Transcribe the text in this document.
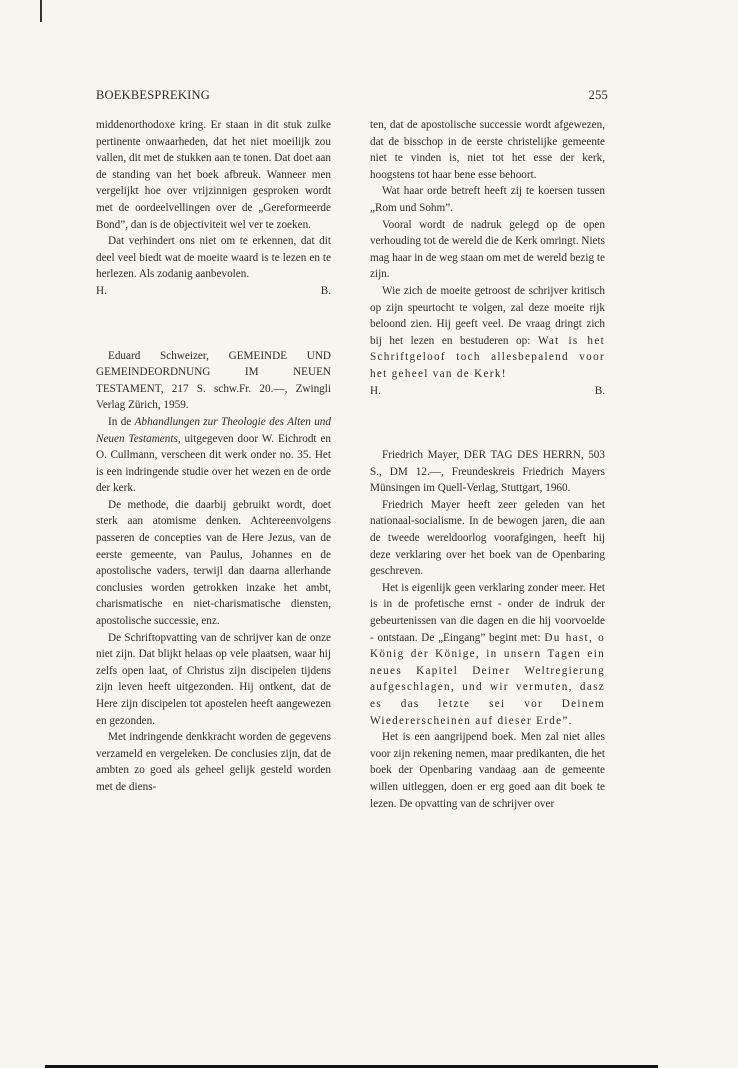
BOEKBESPREKING	255

middenorthodoxe kring. Er staan in dit stuk zulke pertinente onwaarheden, dat het niet moeilijk zou vallen, dit met de stukken aan te tonen. Dat doet aan de standing van het boek afbreuk. Wanneer men vergelijkt hoe over vrijzinnigen gesproken wordt met de oordeelvellingen over de „Gereformeerde Bond”, dan is de objectiviteit wel ver te zoeken.

Dat verhindert ons niet om te erkennen, dat dit deel veel biedt wat de moeite waard is te lezen en te herlezen. Als zodanig aanbevolen.

H.	B.

Eduard Schweizer, GEMEINDE UND GEMEINDEORDNUNG IM NEUEN TESTAMENT, 217 S. schw.Fr. 20.—, Zwingli Verlag Zürich, 1959.

In de Abhandlungen zur Theologie des Alten und Neuen Testaments, uitgegeven door W. Eichrodt en O. Cullmann, verscheen dit werk onder no. 35. Het is een indringende studie over het wezen en de orde der kerk.

De methode, die daarbij gebruikt wordt, doet sterk aan atomisme denken. Achtereenvolgens passeren de concepties van de Here Jezus, van de eerste gemeente, van Paulus, Johannes en de apostolische vaders, terwijl dan daarna allerhande conclusies worden getrokken inzake het ambt, charismatische en niet-charismatische diensten, apostolische successie, enz.

De Schriftopvatting van de schrijver kan de onze niet zijn. Dat blijkt helaas op vele plaatsen, waar hij zelfs open laat, of Christus zijn discipelen tijdens zijn leven heeft uitgezonden. Hij ontkent, dat de Here zijn discipelen tot apostelen heeft aangewezen en gezonden.

Met indringende denkkracht worden de gegevens verzameld en vergeleken. De conclusies zijn, dat de ambten zo goed als geheel gelijk gesteld worden met de diens-

ten, dat de apostolische successie wordt afgewezen, dat de bisschop in de eerste christelijke gemeente niet te vinden is, niet tot het esse der kerk, hoogstens tot haar bene esse behoort.

Wat haar orde betreft heeft zij te koersen tussen „Rom und Sohm”.

Vooral wordt de nadruk gelegd op de open verhouding tot de wereld die de Kerk omringt. Niets mag haar in de weg staan om met de wereld bezig te zijn.

Wie zich de moeite getroost de schrijver kritisch op zijn speurtocht te volgen, zal deze moeite rijk beloond zien. Hij geeft veel. De vraag dringt zich bij het lezen en bestuderen op: Wat is het Schriftgeloof toch allesbepalend voor het geheel van de Kerk!

H.	B.

Friedrich Mayer, DER TAG DES HERRN, 503 S., DM 12.—, Freundeskreis Friedrich Mayers Münsingen im Quell-Verlag, Stuttgart, 1960.

Friedrich Mayer heeft zeer geleden van het nationaal-socialisme. In de bewogen jaren, die aan de tweede wereldoorlog voorafgingen, heeft hij deze verklaring over het boek van de Openbaring geschreven.

Het is eigenlijk geen verklaring zonder meer. Het is in de profetische ernst - onder de indruk der gebeurtenissen van die dagen en die hij voorvoelde - ontstaan. De „Eingang” begint met: Du hast, o König der Könige, in unsern Tagen ein neues Kapitel Deiner Weltregierung aufgeschlagen, und wir vermuten, dasz es das letzte sei vor Deinem Wiedererscheinen auf dieser Erde”.

Het is een aangrijpend boek. Men zal niet alles voor zijn rekening nemen, maar predikanten, die het boek der Openbaring vandaag aan de gemeente willen uitleggen, doen er erg goed aan dit boek te lezen. De opvatting van de schrijver over
